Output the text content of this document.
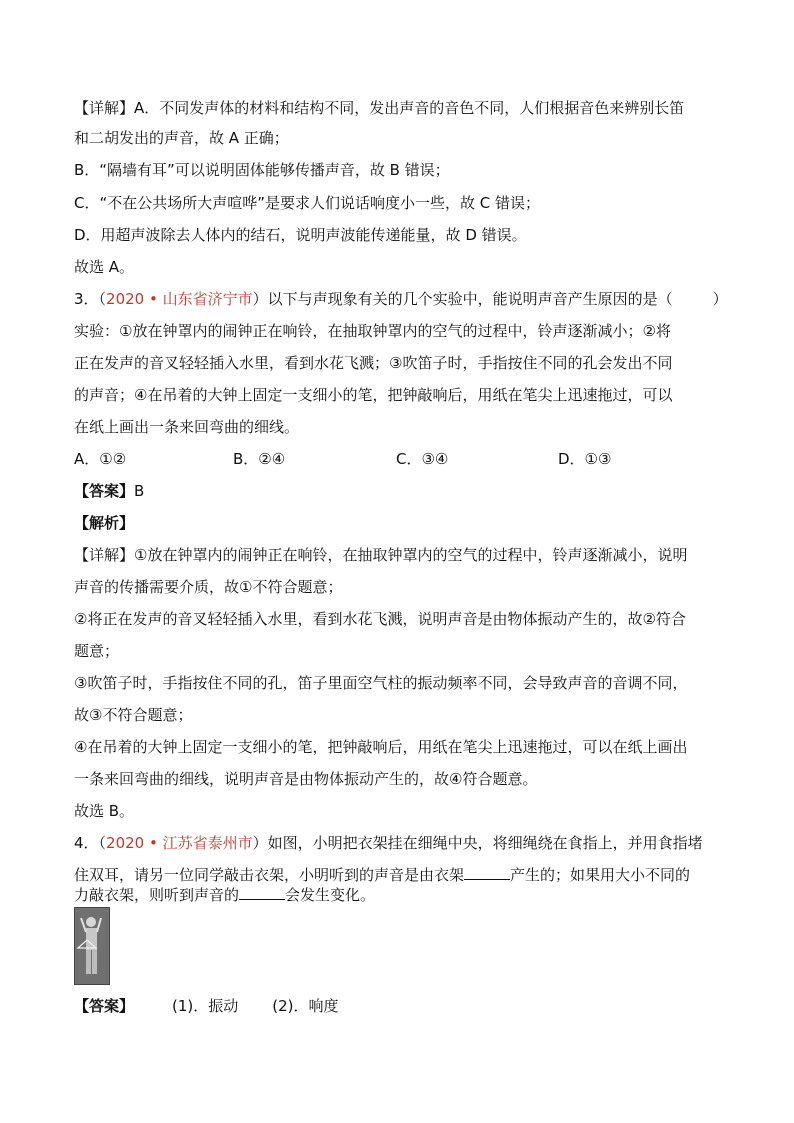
【详解】A．不同发声体的材料和结构不同，发出声音的音色不同，人们根据音色来辨别长笛
和二胡发出的声音，故 A 正确；
B．“隔墙有耳”可以说明固体能够传播声音，故 B 错误；
C．“不在公共场所大声喧哗”是要求人们说话响度小一些，故 C 错误；
D．用超声波除去人体内的结石，说明声波能传递能量，故 D 错误。
故选 A。
3．（2020 • 山东省济宁市）以下与声现象有关的几个实验中，能说明声音产生原因的是（	）
实验：①放在钟罩内的闹钟正在响铃，在抽取钟罩内的空气的过程中，铃声逐渐减小；②将
正在发声的音叉轻轻插入水里，看到水花飞溅；③吹笛子时，手指按住不同的孔会发出不同
的声音；④在吊着的大钟上固定一支细小的笔，把钟敲响后，用纸在笔尖上迅速拖过，可以
在纸上画出一条来回弯曲的细线。
A．①②	B．②④	C．③④	D．①③
【答案】B
【解析】
【详解】①放在钟罩内的闹钟正在响铃，在抽取钟罩内的空气的过程中，铃声逐渐减小，说明
声音的传播需要介质，故①不符合题意；
②将正在发声的音叉轻轻插入水里，看到水花飞溅，说明声音是由物体振动产生的，故②符合
题意；
③吹笛子时，手指按住不同的孔，笛子里面空气柱的振动频率不同，会导致声音的音调不同，
故③不符合题意；
④在吊着的大钟上固定一支细小的笔，把钟敲响后，用纸在笔尖上迅速拖过，可以在纸上画出
一条来回弯曲的细线，说明声音是由物体振动产生的，故④符合题意。
故选 B。
4．（2020 • 江苏省泰州市）如图，小明把衣架挂在细绳中央，将细绳绕在食指上，并用食指堵
住双耳，请另一位同学敲击衣架，小明听到的声音是由衣架	产生的；如果用大小不同的
力敲衣架，则听到声音的	会发生变化。
【答案】	(1)．振动 (2)．响度
